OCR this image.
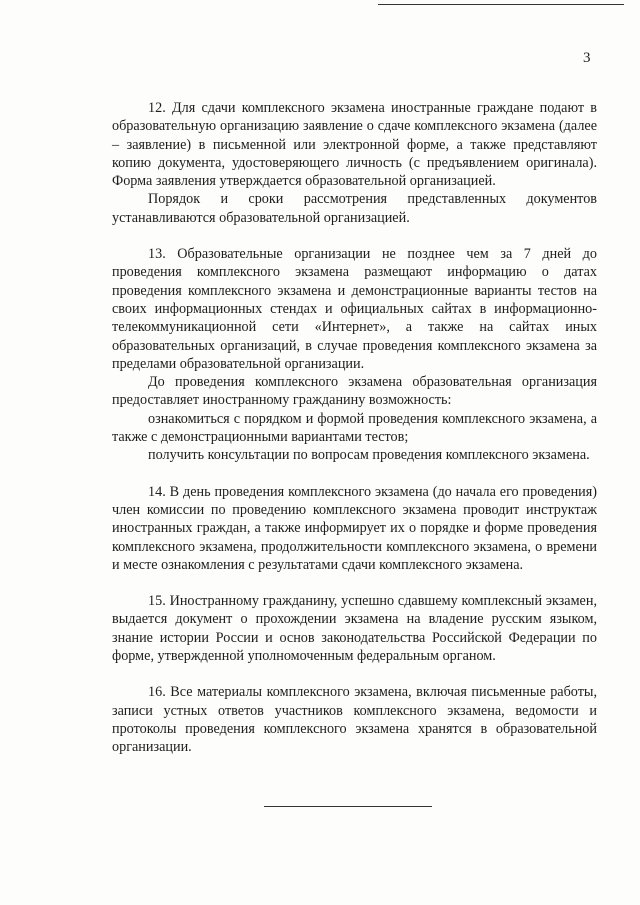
3

12. Для сдачи комплексного экзамена иностранные граждане подают в образовательную организацию заявление о сдаче комплексного экзамена (далее – заявление) в письменной или электронной форме, а также представляют копию документа, удостоверяющего личность (с предъявлением оригинала). Форма заявления утверждается образовательной организацией.

Порядок и сроки рассмотрения представленных документов устанавливаются образовательной организацией.

13. Образовательные организации не позднее чем за 7 дней до проведения комплексного экзамена размещают информацию о датах проведения комплексного экзамена и демонстрационные варианты тестов на своих информационных стендах и официальных сайтах в информационно-телекоммуникационной сети «Интернет», а также на сайтах иных образовательных организаций, в случае проведения комплексного экзамена за пределами образовательной организации.

До проведения комплексного экзамена образовательная организация предоставляет иностранному гражданину возможность:

ознакомиться с порядком и формой проведения комплексного экзамена, а также с демонстрационными вариантами тестов;

получить консультации по вопросам проведения комплексного экзамена.

14. В день проведения комплексного экзамена (до начала его проведения) член комиссии по проведению комплексного экзамена проводит инструктаж иностранных граждан, а также информирует их о порядке и форме проведения комплексного экзамена, продолжительности комплексного экзамена, о времени и месте ознакомления с результатами сдачи комплексного экзамена.

15. Иностранному гражданину, успешно сдавшему комплексный экзамен, выдается документ о прохождении экзамена на владение русским языком, знание истории России и основ законодательства Российской Федерации по форме, утвержденной уполномоченным федеральным органом.

16. Все материалы комплексного экзамена, включая письменные работы, записи устных ответов участников комплексного экзамена, ведомости и протоколы проведения комплексного экзамена хранятся в образовательной организации.
